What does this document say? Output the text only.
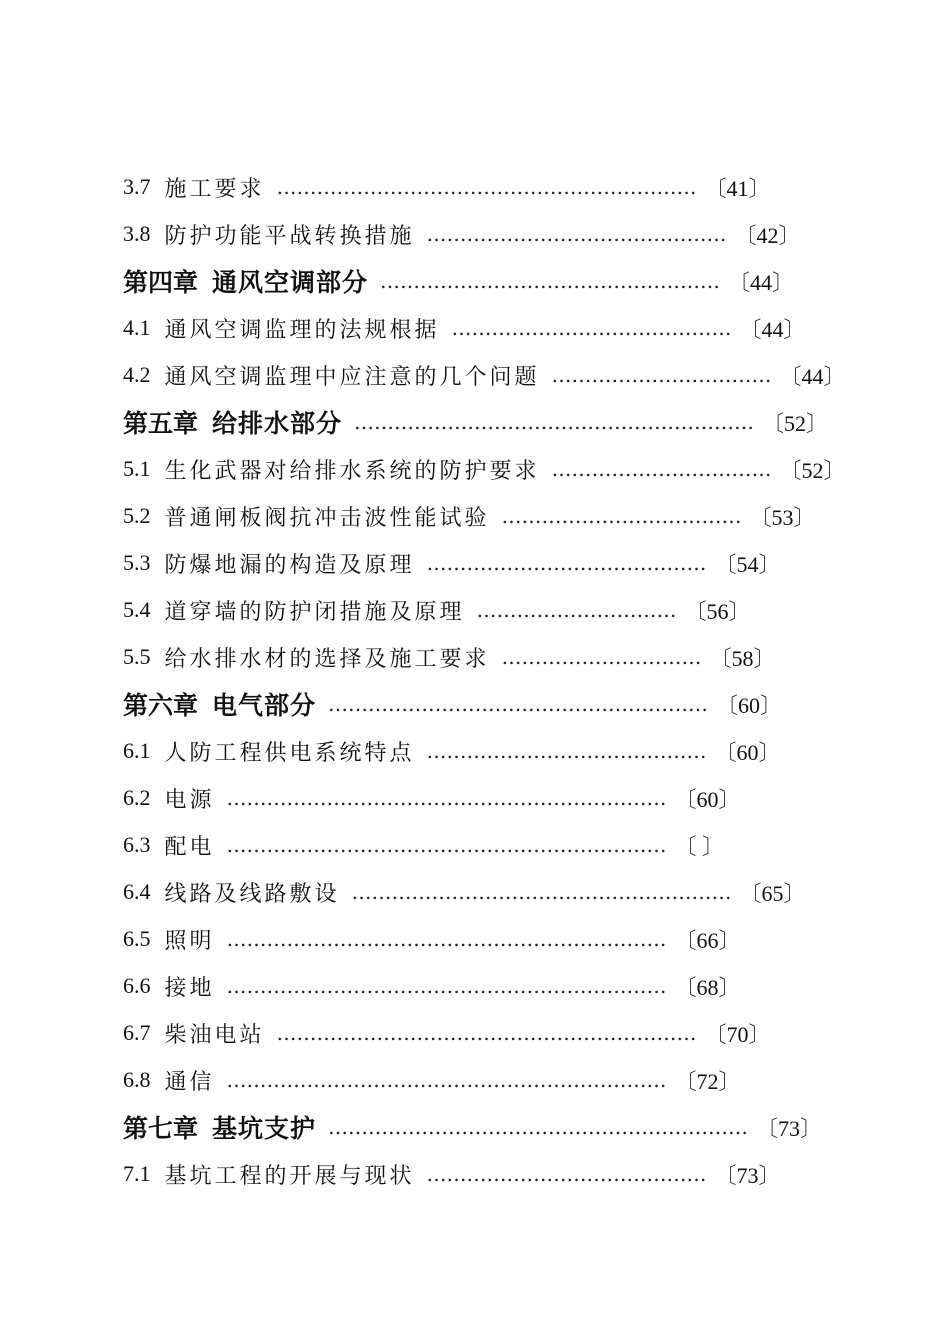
3.7 施工要求 ……………………………………………………… 〔41〕
3.8 防护功能平战转换措施 ……………………………………… 〔42〕
第四章 通风空调部分 …………………………………………… 〔44〕
4.1 通风空调监理的法规根据 …………………………………… 〔44〕
4.2 通风空调监理中应注意的几个问题 …………………………… 〔44〕
第五章 给排水部分 …………………………………………………… 〔52〕
5.1 生化武器对给排水系统的防护要求 …………………………… 〔52〕
5.2 普通闸板阀抗冲击波性能试验 ……………………………… 〔53〕
5.3 防爆地漏的构造及原理 …………………………………… 〔54〕
5.4 道穿墙的防护闭措施及原理 ………………………… 〔56〕
5.5 给水排水材的选择及施工要求 ………………………… 〔58〕
第六章 电气部分 ………………………………………………… 〔60〕
6.1 人防工程供电系统特点 …………………………………… 〔60〕
6.2 电源 ………………………………………………………… 〔60〕
6.3 配电 ………………………………………………………… 〔 〕
6.4 线路及线路敷设 ………………………………………………… 〔65〕
6.5 照明 ………………………………………………………… 〔66〕
6.6 接地 ………………………………………………………… 〔68〕
6.7 柴油电站 ……………………………………………………… 〔70〕
6.8 通信 ………………………………………………………… 〔72〕
第七章 基坑支护 ……………………………………………………… 〔73〕
7.1 基坑工程的开展与现状 …………………………………… 〔73〕
